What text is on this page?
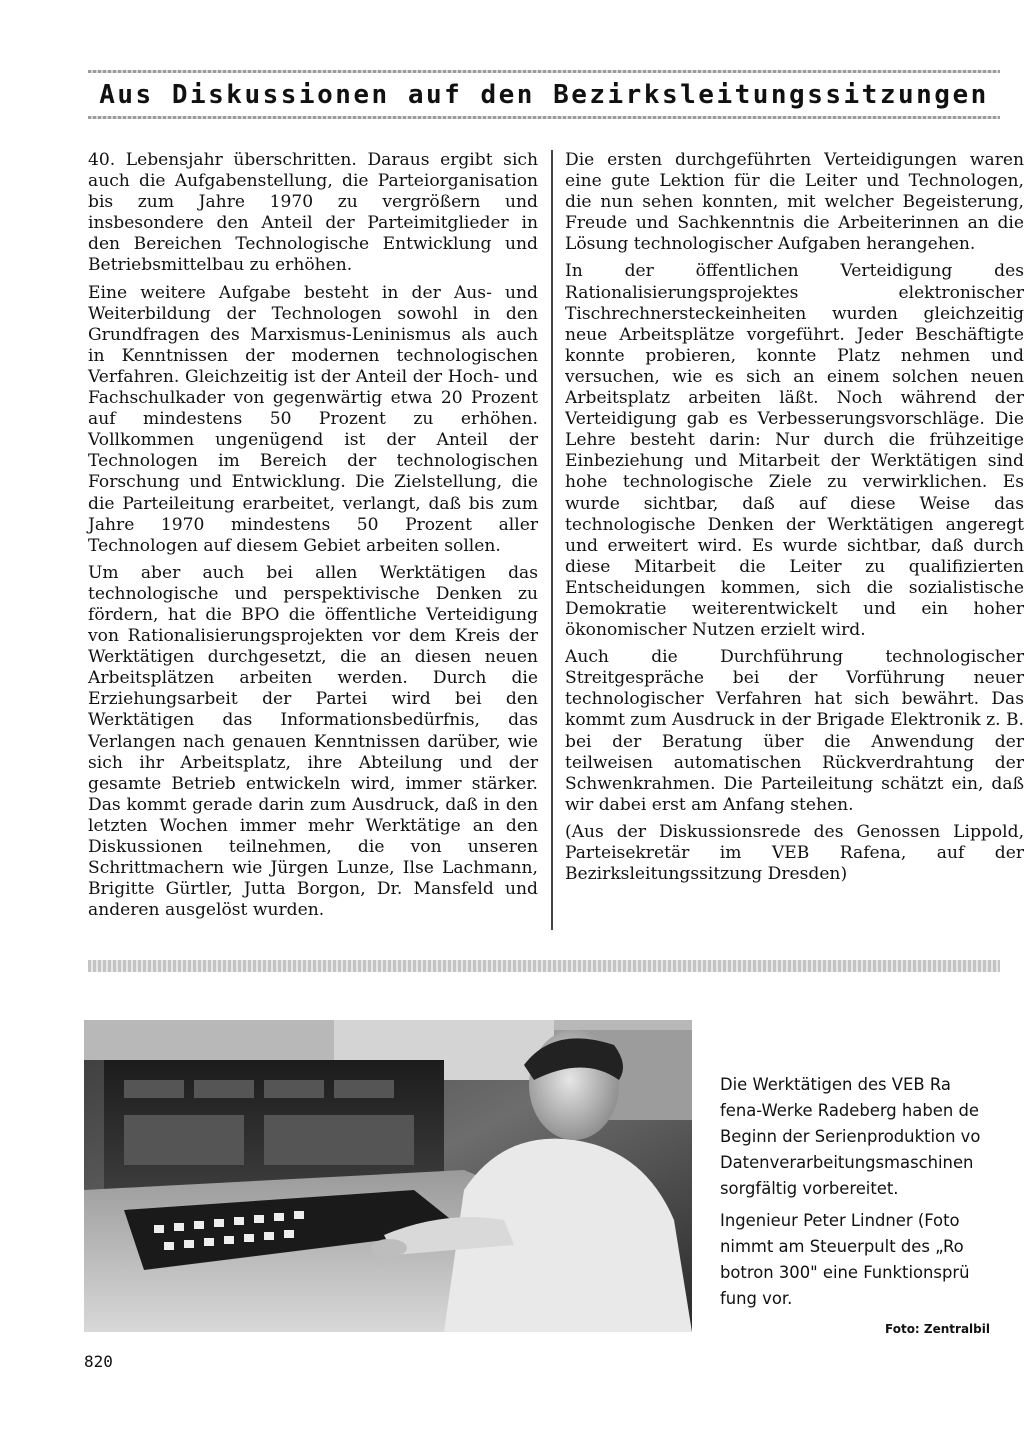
Aus Diskussionen auf den Bezirksleitungssitzungen

40. Lebensjahr überschritten. Daraus ergibt sich auch die Aufgabenstellung, die Parteiorganisation bis zum Jahre 1970 zu vergrößern und insbesondere den Anteil der Parteimitglieder in den Bereichen Technologische Entwicklung und Betriebsmittelbau zu erhöhen.

Eine weitere Aufgabe besteht in der Aus- und Weiterbildung der Technologen sowohl in den Grundfragen des Marxismus-Leninismus als auch in Kenntnissen der modernen technologischen Verfahren. Gleichzeitig ist der Anteil der Hoch- und Fachschulkader von gegenwärtig etwa 20 Prozent auf mindestens 50 Prozent zu erhöhen. Vollkommen ungenügend ist der Anteil der Technologen im Bereich der technologischen Forschung und Entwicklung. Die Zielstellung, die die Parteileitung erarbeitet, verlangt, daß bis zum Jahre 1970 mindestens 50 Prozent aller Technologen auf diesem Gebiet arbeiten sollen.

Um aber auch bei allen Werktätigen das technologische und perspektivische Denken zu fördern, hat die BPO die öffentliche Verteidigung von Rationalisierungsprojekten vor dem Kreis der Werktätigen durchgesetzt, die an diesen neuen Arbeitsplätzen arbeiten werden. Durch die Erziehungsarbeit der Partei wird bei den Werktätigen das Informationsbedürfnis, das Verlangen nach genauen Kenntnissen darüber, wie sich ihr Arbeitsplatz, ihre Abteilung und der gesamte Betrieb entwickeln wird, immer stärker. Das kommt gerade darin zum Ausdruck, daß in den letzten Wochen immer mehr Werktätige an den Diskussionen teilnehmen, die von unseren Schrittmachern wie Jürgen Lunze, Ilse Lachmann, Brigitte Gürtler, Jutta Borgon, Dr. Mansfeld und anderen ausgelöst wurden.

Die ersten durchgeführten Verteidigungen waren eine gute Lektion für die Leiter und Technologen, die nun sehen konnten, mit welcher Begeisterung, Freude und Sachkenntnis die Arbeiterinnen an die Lösung technologischer Aufgaben herangehen.

In der öffentlichen Verteidigung des Rationalisierungsprojektes elektronischer Tischrechnersteckeinheiten wurden gleichzeitig neue Arbeitsplätze vorgeführt. Jeder Beschäftigte konnte probieren, konnte Platz nehmen und versuchen, wie es sich an einem solchen neuen Arbeitsplatz arbeiten läßt. Noch während der Verteidigung gab es Verbesserungsvorschläge. Die Lehre besteht darin: Nur durch die frühzeitige Einbeziehung und Mitarbeit der Werktätigen sind hohe technologische Ziele zu verwirklichen. Es wurde sichtbar, daß auf diese Weise das technologische Denken der Werktätigen angeregt und erweitert wird. Es wurde sichtbar, daß durch diese Mitarbeit die Leiter zu qualifizierten Entscheidungen kommen, sich die sozialistische Demokratie weiterentwickelt und ein hoher ökonomischer Nutzen erzielt wird.

Auch die Durchführung technologischer Streitgespräche bei der Vorführung neuer technologischer Verfahren hat sich bewährt. Das kommt zum Ausdruck in der Brigade Elektronik z. B. bei der Beratung über die Anwendung der teilweisen automatischen Rückverdrahtung der Schwenkrahmen. Die Parteileitung schätzt ein, daß wir dabei erst am Anfang stehen.

(Aus der Diskussionsrede des Genossen Lippold, Parteisekretär im VEB Rafena, auf der Bezirksleitungssitzung Dresden)

Die Werktätigen des VEB Ra
fena-Werke Radeberg haben de
Beginn der Serienproduktion vo
Datenverarbeitungsmaschinen
sorgfältig vorbereitet.

Ingenieur Peter Lindner (Foto
nimmt am Steuerpult des „Ro
botron 300" eine Funktionsprü
fung vor.

Foto: Zentralbil
820
